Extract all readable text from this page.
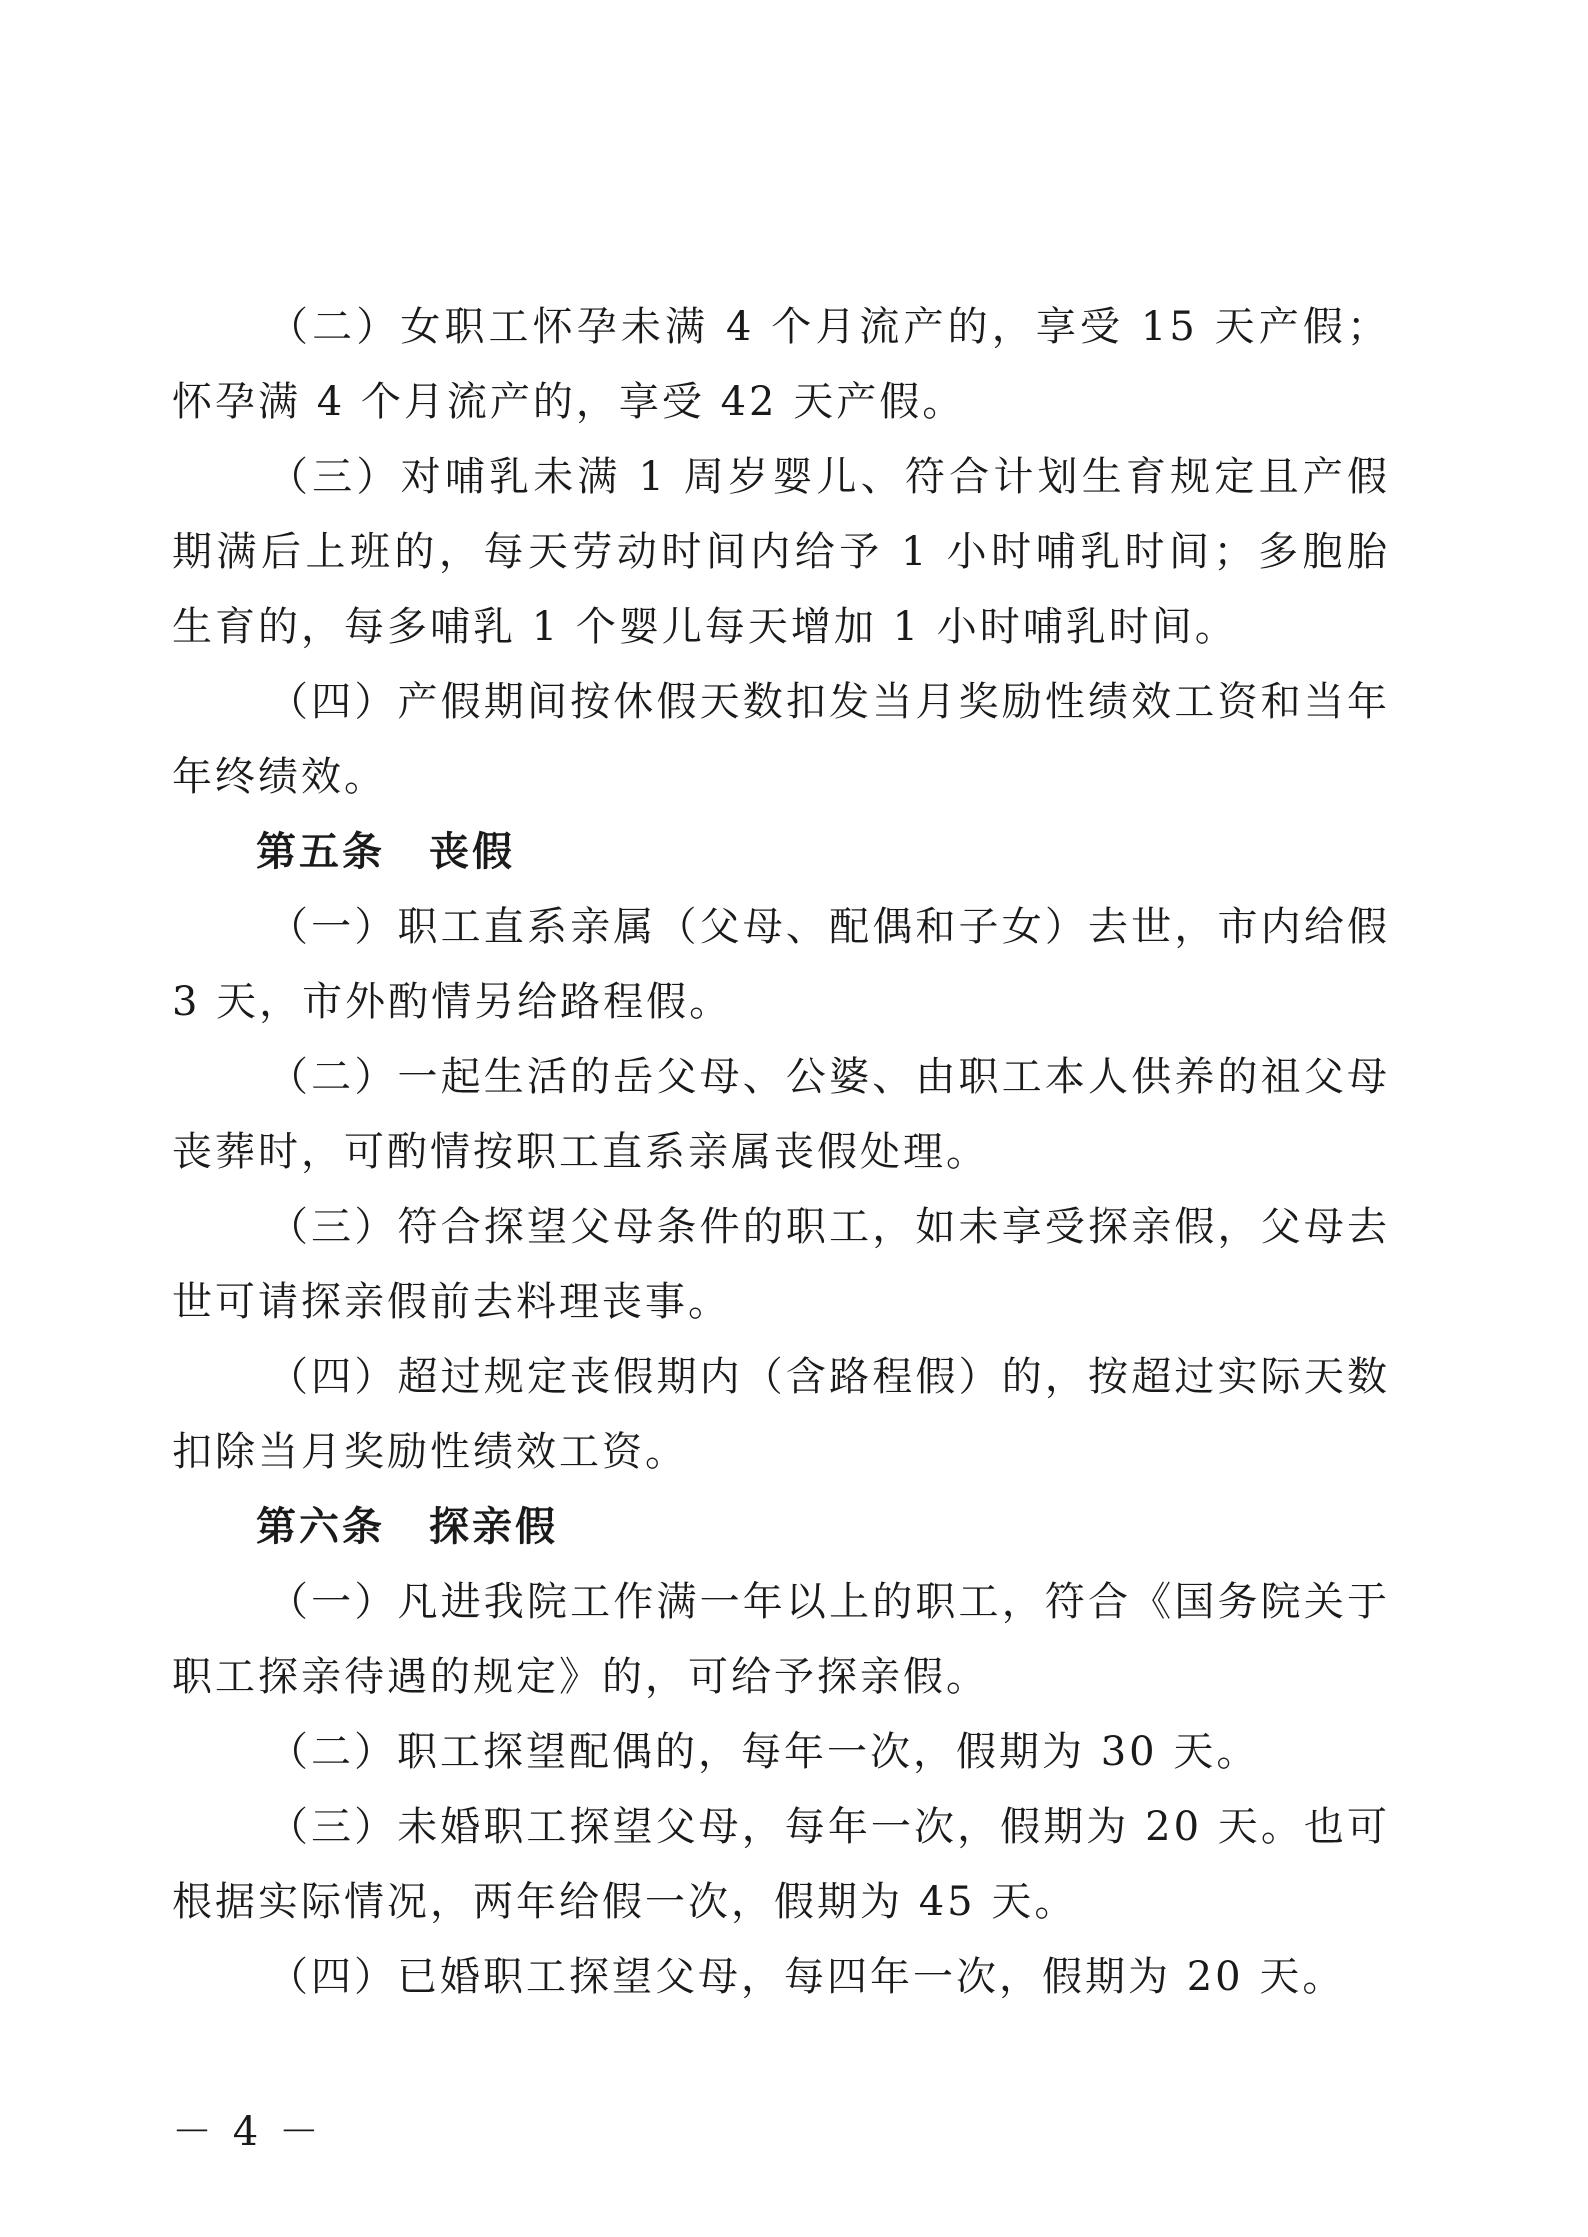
（二）女职工怀孕未满 4 个月流产的，享受 15 天产假；怀孕满 4 个月流产的，享受 42 天产假。

（三）对哺乳未满 1 周岁婴儿、符合计划生育规定且产假期满后上班的，每天劳动时间内给予 1 小时哺乳时间；多胞胎生育的，每多哺乳 1 个婴儿每天增加 1 小时哺乳时间。

（四）产假期间按休假天数扣发当月奖励性绩效工资和当年年终绩效。

第五条 丧假

（一）职工直系亲属（父母、配偶和子女）去世，市内给假 3 天，市外酌情另给路程假。

（二）一起生活的岳父母、公婆、由职工本人供养的祖父母丧葬时，可酌情按职工直系亲属丧假处理。

（三）符合探望父母条件的职工，如未享受探亲假，父母去世可请探亲假前去料理丧事。

（四）超过规定丧假期内（含路程假）的，按超过实际天数扣除当月奖励性绩效工资。

第六条 探亲假

（一）凡进我院工作满一年以上的职工，符合《国务院关于职工探亲待遇的规定》的，可给予探亲假。

（二）职工探望配偶的，每年一次，假期为 30 天。

（三）未婚职工探望父母，每年一次，假期为 20 天。也可根据实际情况，两年给假一次，假期为 45 天。

（四）已婚职工探望父母，每四年一次，假期为 20 天。

－ 4 －
